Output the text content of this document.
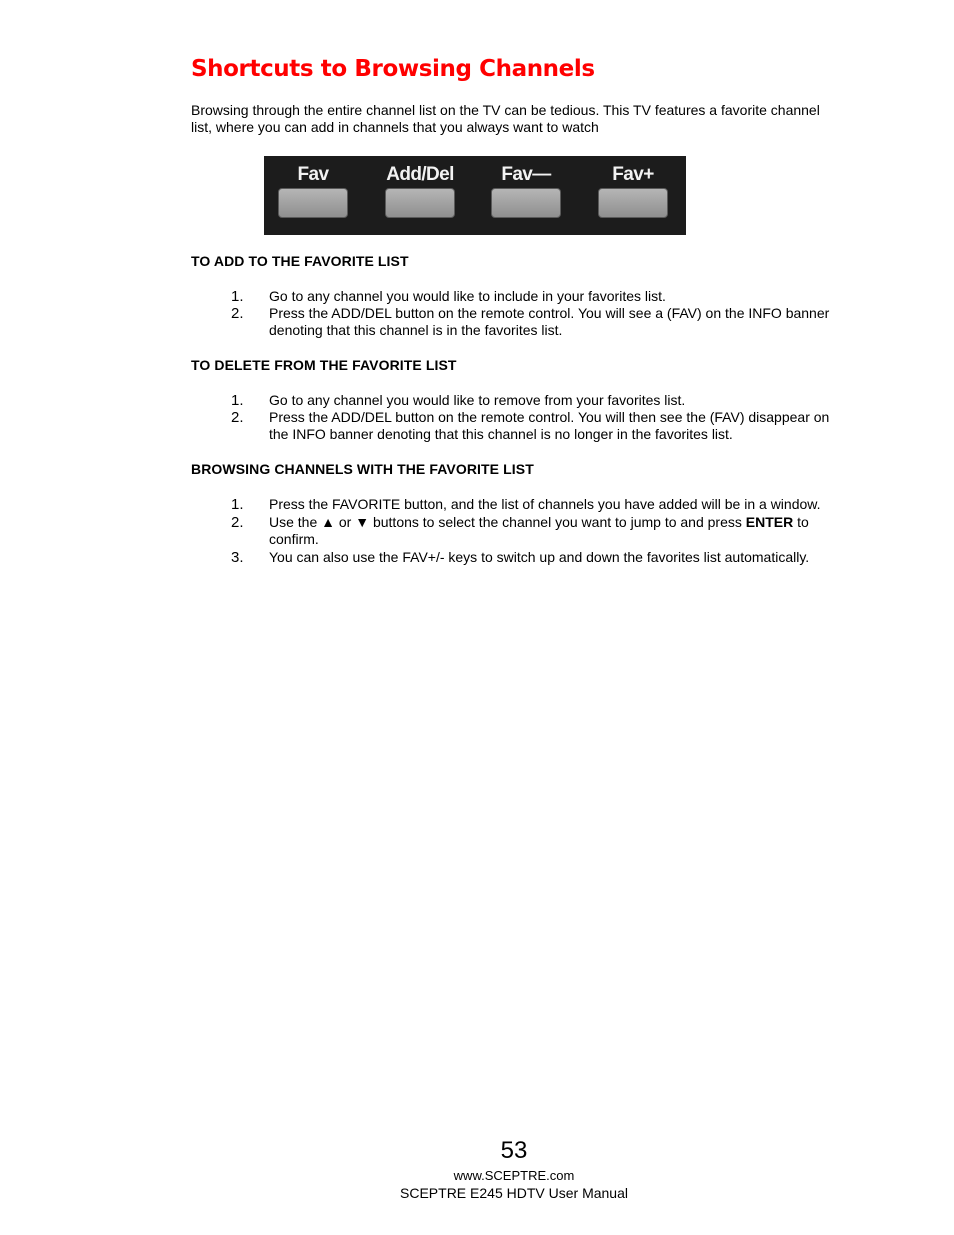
Shortcuts to Browsing Channels

Browsing through the entire channel list on the TV can be tedious. This TV features a favorite channel list, where you can add in channels that you always want to watch

Fav	Add/Del	Fav—	Fav+
TO ADD TO THE FAVORITE LIST
1.	Go to any channel you would like to include in your favorites list.
2.	Press the ADD/DEL button on the remote control. You will see a (FAV) on the INFO banner denoting that this channel is in the favorites list.
TO DELETE FROM THE FAVORITE LIST
1.	Go to any channel you would like to remove from your favorites list.
2.	Press the ADD/DEL button on the remote control. You will then see the (FAV) disappear on the INFO banner denoting that this channel is no longer in the favorites list.
BROWSING CHANNELS WITH THE FAVORITE LIST
1.	Press the FAVORITE button, and the list of channels you have added will be in a window.
2.	Use the ▲ or ▼ buttons to select the channel you want to jump to and press ENTER to confirm.
3.	You can also use the FAV+/- keys to switch up and down the favorites list automatically.

53

www.SCEPTRE.com

SCEPTRE E245 HDTV User Manual
